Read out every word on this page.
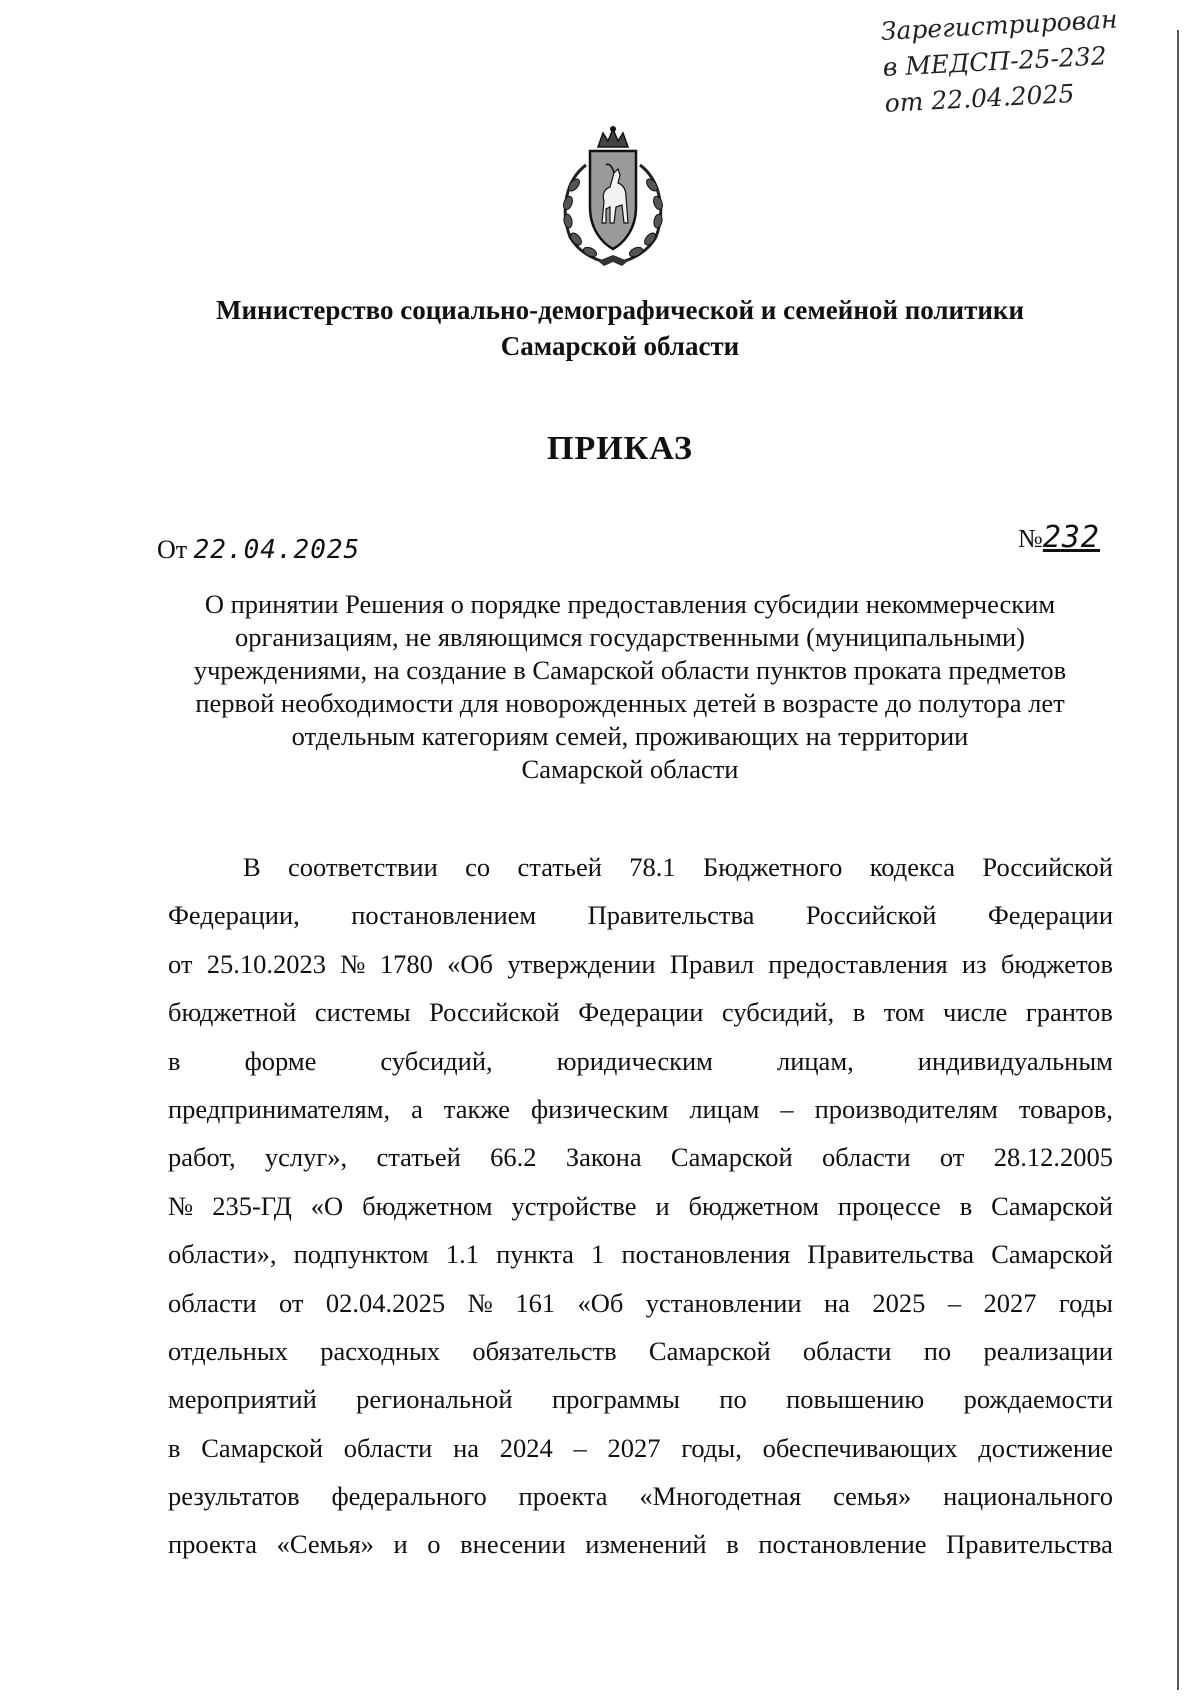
Зарегистрирован
в МЕДСП-25-232
от 22.04.2025
Министерство социально-демографической и семейной политики
Самарской области
ПРИКАЗ
От 22.04.2025	№232
О принятии Решения о порядке предоставления субсидии некоммерческим
организациям, не являющимся государственными (муниципальными)
учреждениями, на создание в Самарской области пунктов проката предметов
первой необходимости для новорожденных детей в возрасте до полутора лет
отдельным категориям семей, проживающих на территории
Самарской области
В соответствии со статьей 78.1 Бюджетного кодекса Российской
Федерации, постановлением Правительства Российской Федерации
от 25.10.2023 № 1780 «Об утверждении Правил предоставления из бюджетов
бюджетной системы Российской Федерации субсидий, в том числе грантов
в форме субсидий, юридическим лицам, индивидуальным
предпринимателям, а также физическим лицам – производителям товаров,
работ, услуг», статьей 66.2 Закона Самарской области от 28.12.2005
№ 235-ГД «О бюджетном устройстве и бюджетном процессе в Самарской
области», подпунктом 1.1 пункта 1 постановления Правительства Самарской
области от 02.04.2025 № 161 «Об установлении на 2025 – 2027 годы
отдельных расходных обязательств Самарской области по реализации
мероприятий региональной программы по повышению рождаемости
в Самарской области на 2024 – 2027 годы, обеспечивающих достижение
результатов федерального проекта «Многодетная семья» национального
проекта «Семья» и о внесении изменений в постановление Правительства
